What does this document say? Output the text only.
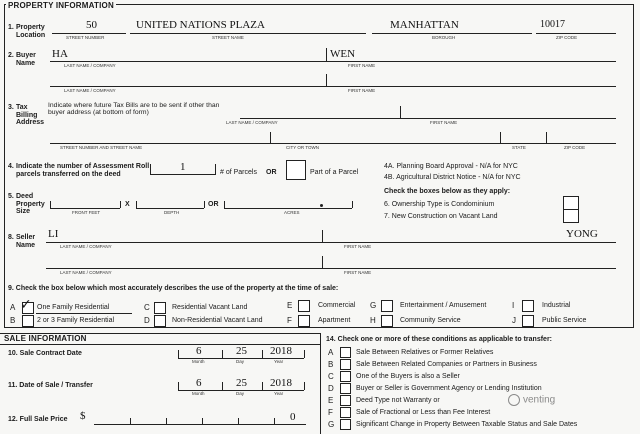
PROPERTY INFORMATION
1. Property Location
50
STREET NUMBER
UNITED NATIONS PLAZA
STREET NAME
MANHATTAN
BOROUGH
10017
ZIP CODE
2. Buyer Name
HA
LAST NAME / COMPANY
WEN
FIRST NAME
LAST NAME / COMPANY	FIRST NAME
3. Tax Billing Address
Indicate where future Tax Bills are to be sent if other than buyer address (at bottom of form)
LAST NAME / COMPANY	FIRST NAME
STREET NUMBER AND STREET NAME	CITY OR TOWN	STATE	ZIP CODE
4. Indicate the number of Assessment Roll parcels transferred on the deed
1	# of Parcels OR	Part of a Parcel
4A. Planning Board Approval - N/A for NYC
4B. Agricultural District Notice - N/A for NYC
Check the boxes below as they apply:
6. Ownership Type is Condominium
7. New Construction on Vacant Land
5. Deed Property Size	FRONT FEET
X
DEPTH
OR
ACRES
8. Seller Name
LI	YONG
LAST NAME / COMPANY	FIRST NAME
LAST NAME / COMPANY	FIRST NAME
9. Check the box below which most accurately describes the use of the property at the time of sale:
A ✓ One Family Residential	C	Residential Vacant Land	E	Commercial G	Entertainment / Amusement	I	Industrial
B	2 or 3 Family Residential	D	Non-Residential Vacant Land	F	Apartment H	Community Service	J	Public Service
SALE INFORMATION
10. Sale Contract Date	6	25 2018
Month	Day	Year
11. Date of Sale / Transfer	6	25 2018
Month	Day	Year
12. Full Sale Price $	0
14. Check one or more of these conditions as applicable to transfer:
A	Sale Between Relatives or Former Relatives
B	Sale Between Related Companies or Partners in Business
C	One of the Buyers is also a Seller
D	Buyer or Seller is Government Agency or Lending Institution
E	Deed Type not Warranty or
F	Sale of Fractional or Less than Fee Interest
G	Significant Change in Property Between Taxable Status and Sale Dates
venting
